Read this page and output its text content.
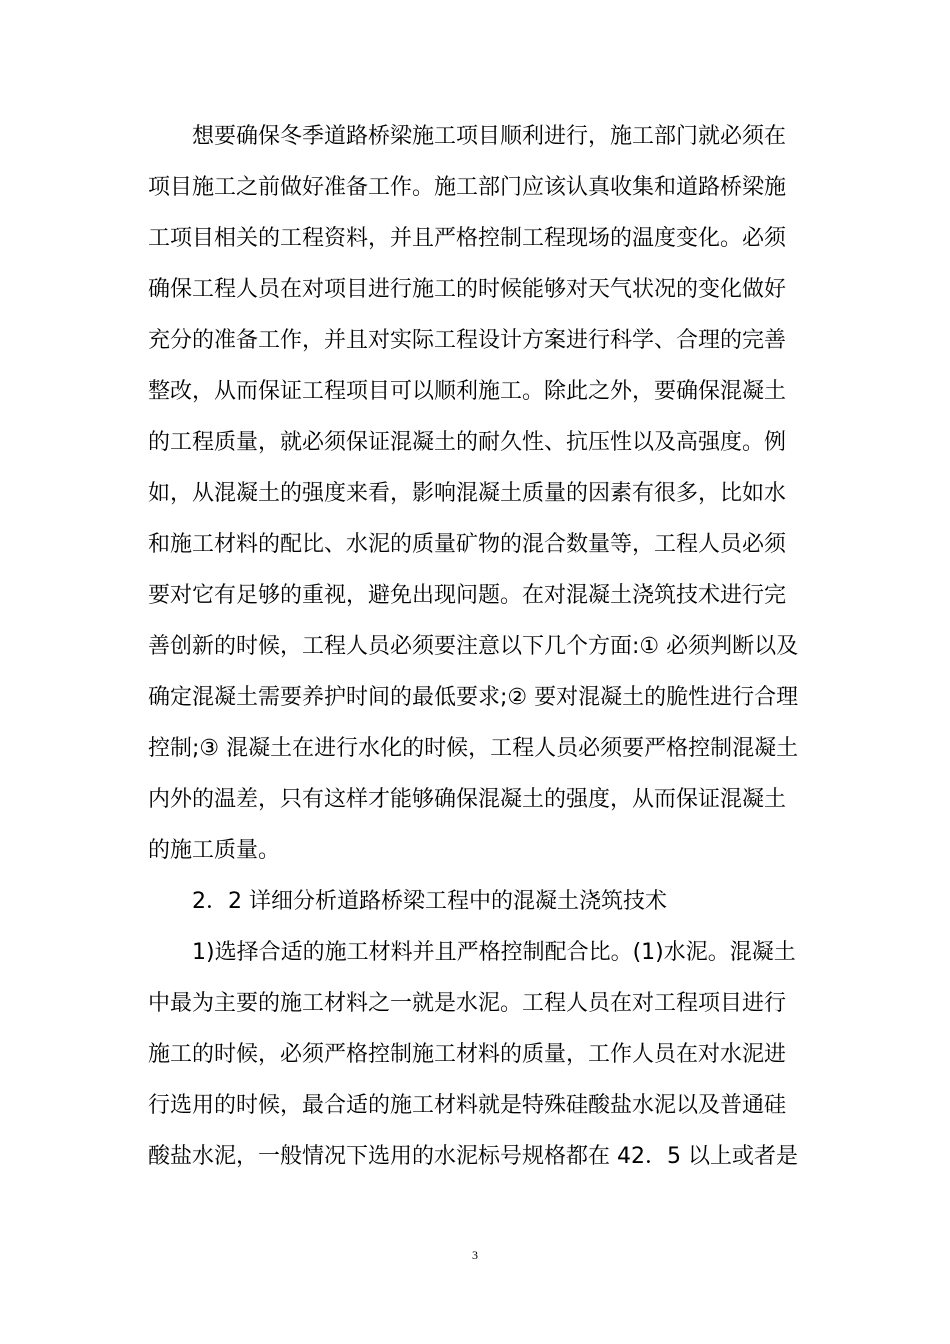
想要确保冬季道路桥梁施工项目顺利进行，施工部门就必须在
项目施工之前做好准备工作。施工部门应该认真收集和道路桥梁施
工项目相关的工程资料，并且严格控制工程现场的温度变化。必须
确保工程人员在对项目进行施工的时候能够对天气状况的变化做好
充分的准备工作，并且对实际工程设计方案进行科学、合理的完善
整改，从而保证工程项目可以顺利施工。除此之外，要确保混凝土
的工程质量，就必须保证混凝土的耐久性、抗压性以及高强度。例
如，从混凝土的强度来看，影响混凝土质量的因素有很多，比如水
和施工材料的配比、水泥的质量矿物的混合数量等，工程人员必须
要对它有足够的重视，避免出现问题。在对混凝土浇筑技术进行完
善创新的时候，工程人员必须要注意以下几个方面:① 必须判断以及
确定混凝土需要养护时间的最低要求;② 要对混凝土的脆性进行合理
控制;③ 混凝土在进行水化的时候，工程人员必须要严格控制混凝土
内外的温差，只有这样才能够确保混凝土的强度，从而保证混凝土
的施工质量。
2．2 详细分析道路桥梁工程中的混凝土浇筑技术
1)选择合适的施工材料并且严格控制配合比。(1)水泥。混凝土
中最为主要的施工材料之一就是水泥。工程人员在对工程项目进行
施工的时候，必须严格控制施工材料的质量，工作人员在对水泥进
行选用的时候，最合适的施工材料就是特殊硅酸盐水泥以及普通硅
酸盐水泥，一般情况下选用的水泥标号规格都在 42．5 以上或者是
3
